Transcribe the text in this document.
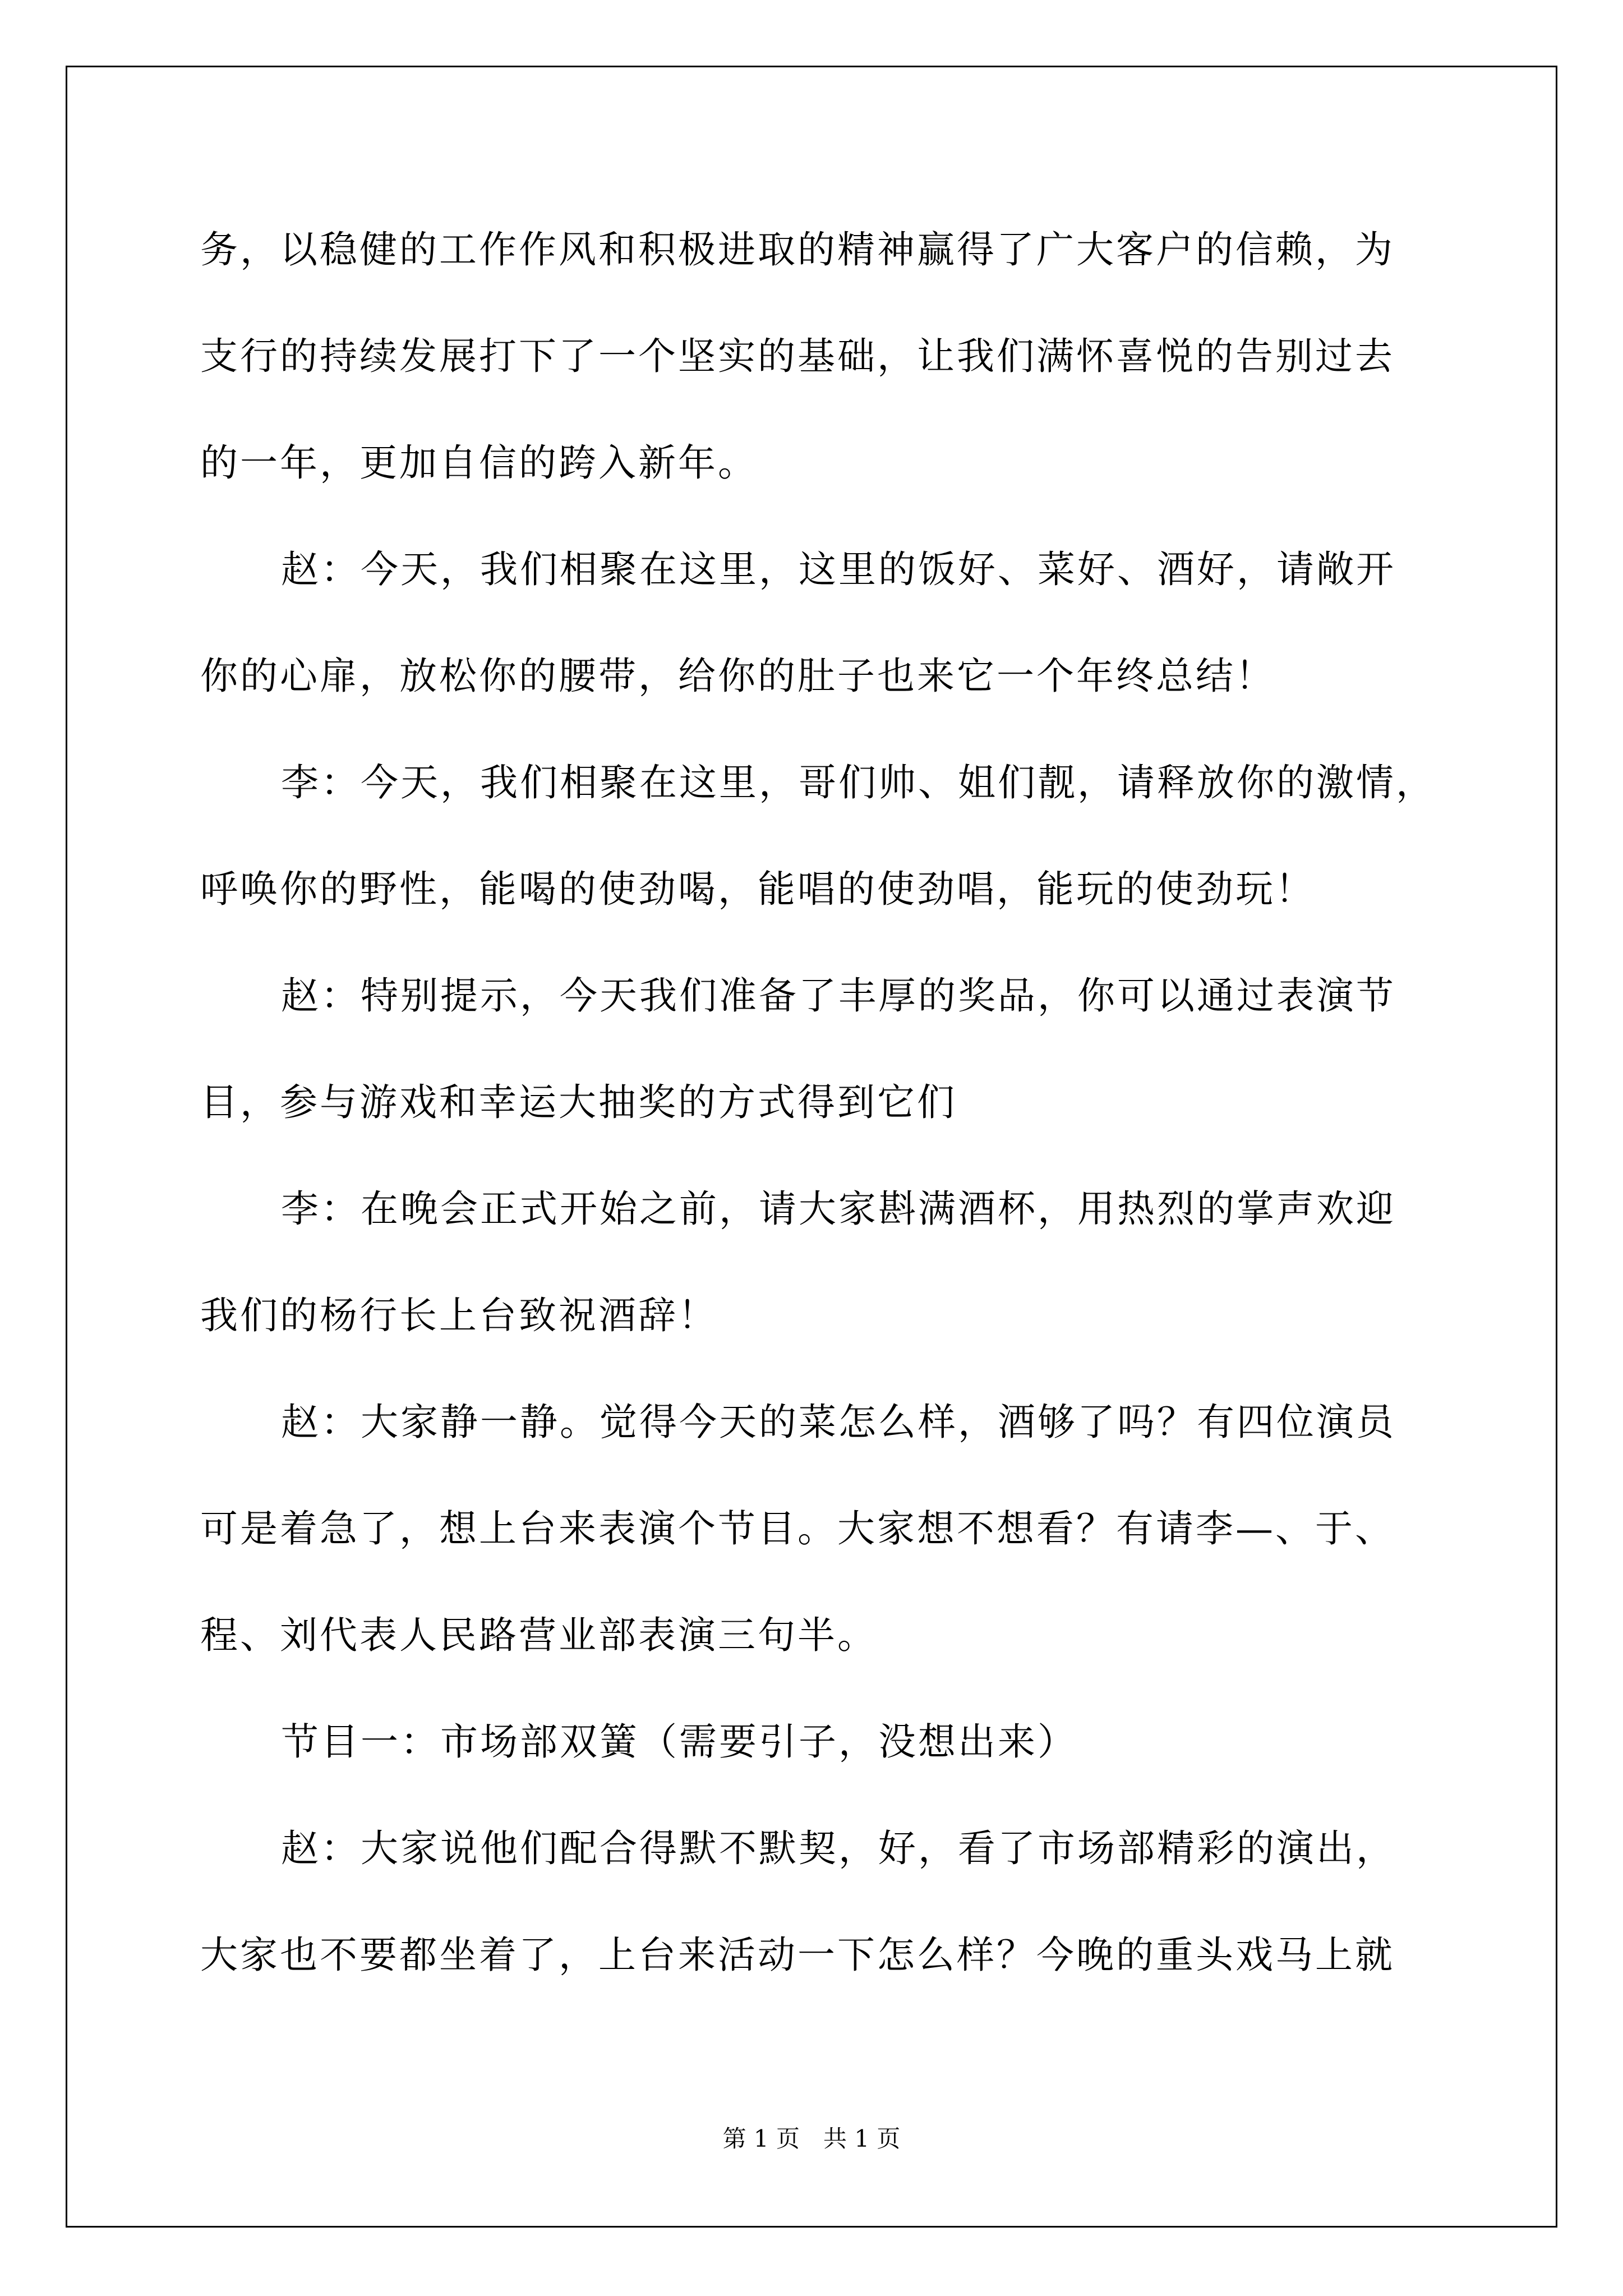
务，以稳健的工作作风和积极进取的精神赢得了广大客户的信赖，为

支行的持续发展打下了一个坚实的基础，让我们满怀喜悦的告别过去

的一年，更加自信的跨入新年。

赵：今天，我们相聚在这里，这里的饭好、菜好、酒好，请敞开

你的心扉，放松你的腰带，给你的肚子也来它一个年终总结！

李：今天，我们相聚在这里，哥们帅、姐们靓，请释放你的激情，

呼唤你的野性，能喝的使劲喝，能唱的使劲唱，能玩的使劲玩！

赵：特别提示，今天我们准备了丰厚的奖品，你可以通过表演节

目，参与游戏和幸运大抽奖的方式得到它们

李：在晚会正式开始之前，请大家斟满酒杯，用热烈的掌声欢迎

我们的杨行长上台致祝酒辞！

赵：大家静一静。觉得今天的菜怎么样，酒够了吗？有四位演员

可是着急了，想上台来表演个节目。大家想不想看？有请李—、于、

程、刘代表人民路营业部表演三句半。

节目一：市场部双簧（需要引子，没想出来）

赵：大家说他们配合得默不默契，好，看了市场部精彩的演出，

大家也不要都坐着了，上台来活动一下怎么样？今晚的重头戏马上就

第 1 页　共 1 页
